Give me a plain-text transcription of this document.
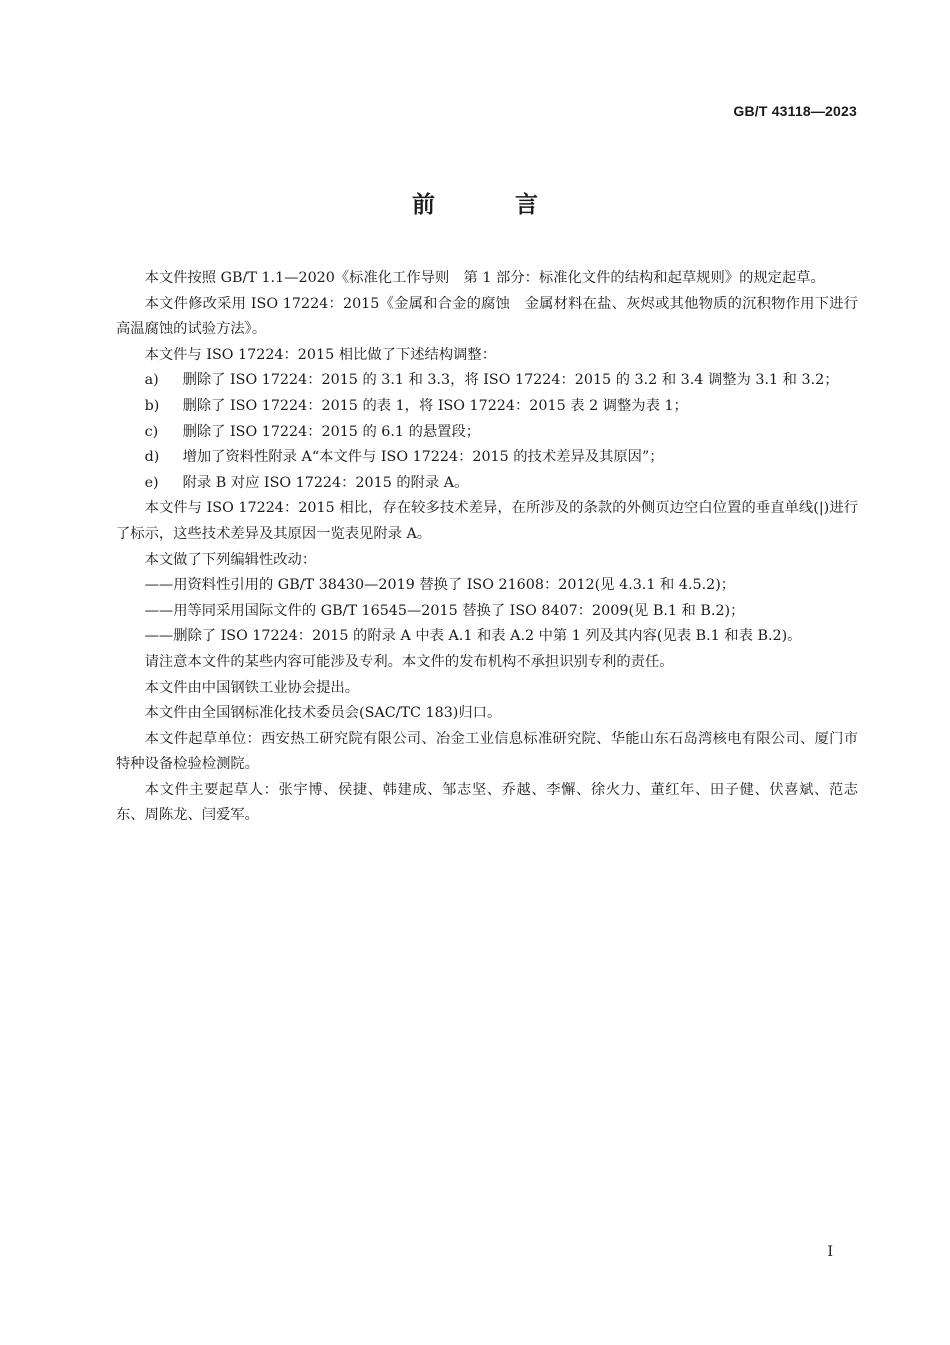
GB/T 43118—2023
前 言

本文件按照 GB/T 1.1—2020《标准化工作导则　第 1 部分：标准化文件的结构和起草规则》的规定起草。

本文件修改采用 ISO 17224：2015《金属和合金的腐蚀　金属材料在盐、灰烬或其他物质的沉积物作用下进行高温腐蚀的试验方法》。

本文件与 ISO 17224：2015 相比做了下述结构调整：

a) 删除了 ISO 17224：2015 的 3.1 和 3.3，将 ISO 17224：2015 的 3.2 和 3.4 调整为 3.1 和 3.2；

b) 删除了 ISO 17224：2015 的表 1，将 ISO 17224：2015 表 2 调整为表 1；

c) 删除了 ISO 17224：2015 的 6.1 的悬置段；

d) 增加了资料性附录 A“本文件与 ISO 17224：2015 的技术差异及其原因”；

e) 附录 B 对应 ISO 17224：2015 的附录 A。

本文件与 ISO 17224：2015 相比，存在较多技术差异，在所涉及的条款的外侧页边空白位置的垂直单线(|)进行了标示，这些技术差异及其原因一览表见附录 A。

本文做了下列编辑性改动：

——用资料性引用的 GB/T 38430—2019 替换了 ISO 21608：2012(见 4.3.1 和 4.5.2)；

——用等同采用国际文件的 GB/T 16545—2015 替换了 ISO 8407：2009(见 B.1 和 B.2)；

——删除了 ISO 17224：2015 的附录 A 中表 A.1 和表 A.2 中第 1 列及其内容(见表 B.1 和表 B.2)。

请注意本文件的某些内容可能涉及专利。本文件的发布机构不承担识别专利的责任。

本文件由中国钢铁工业协会提出。

本文件由全国钢标准化技术委员会(SAC/TC 183)归口。

本文件起草单位：西安热工研究院有限公司、冶金工业信息标准研究院、华能山东石岛湾核电有限公司、厦门市特种设备检验检测院。

本文件主要起草人：张宇博、侯捷、韩建成、邹志坚、乔越、李懈、徐火力、董红年、田子健、伏喜斌、范志东、周陈龙、闫爱军。

I
